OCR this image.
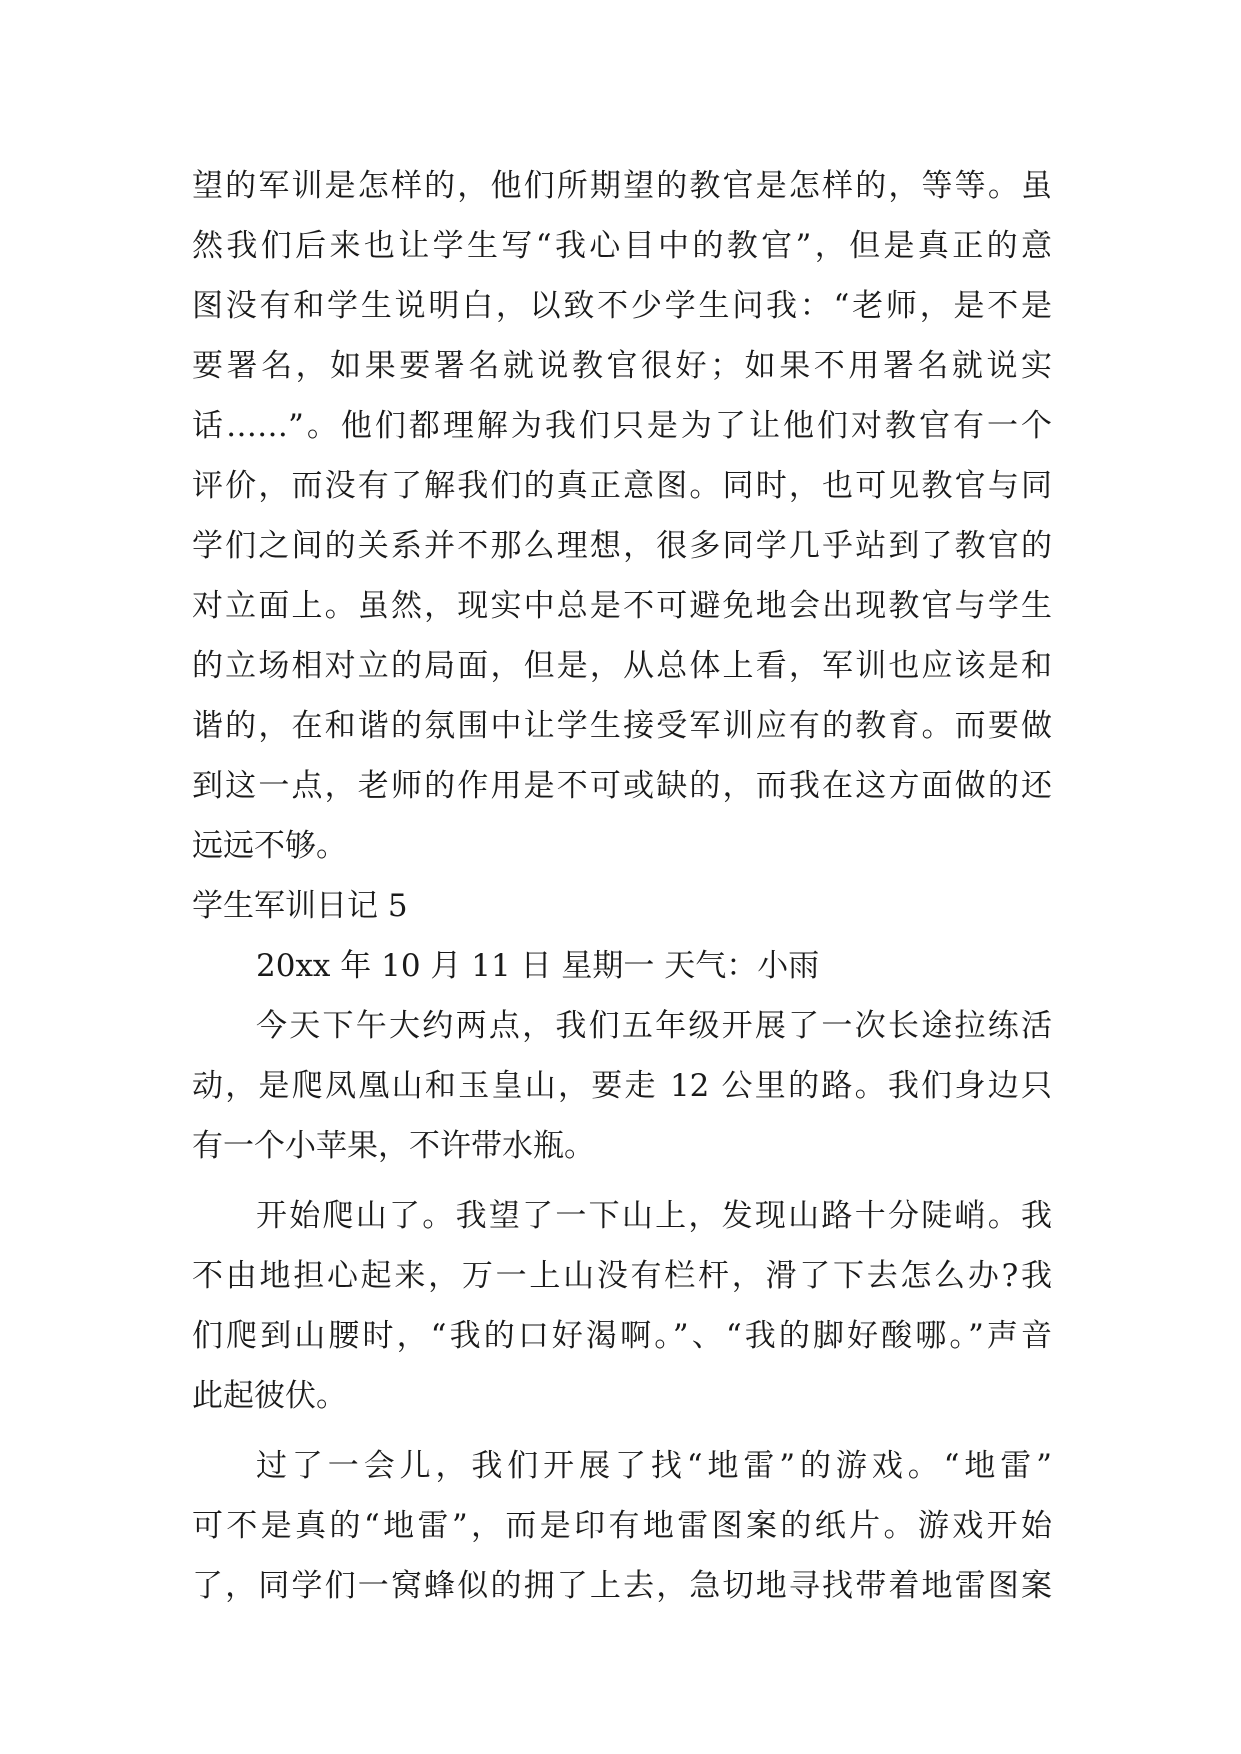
望的军训是怎样的，他们所期望的教官是怎样的，等等。虽
然我们后来也让学生写“我心目中的教官”，但是真正的意
图没有和学生说明白，以致不少学生问我：“老师，是不是
要署名，如果要署名就说教官很好；如果不用署名就说实
话……”。他们都理解为我们只是为了让他们对教官有一个
评价，而没有了解我们的真正意图。同时，也可见教官与同
学们之间的关系并不那么理想，很多同学几乎站到了教官的
对立面上。虽然，现实中总是不可避免地会出现教官与学生
的立场相对立的局面，但是，从总体上看，军训也应该是和
谐的，在和谐的氛围中让学生接受军训应有的教育。而要做
到这一点，老师的作用是不可或缺的，而我在这方面做的还
远远不够。
学生军训日记 5
20xx 年 10 月 11 日 星期一 天气：小雨
今天下午大约两点，我们五年级开展了一次长途拉练活
动，是爬凤凰山和玉皇山，要走 12 公里的路。我们身边只
有一个小苹果，不许带水瓶。
开始爬山了。我望了一下山上，发现山路十分陡峭。我
不由地担心起来，万一上山没有栏杆，滑了下去怎么办?我
们爬到山腰时，“我的口好渴啊。”、“我的脚好酸哪。”声音
此起彼伏。
过了一会儿，我们开展了找“地雷”的游戏。“地雷”
可不是真的“地雷”，而是印有地雷图案的纸片。游戏开始
了，同学们一窝蜂似的拥了上去，急切地寻找带着地雷图案
